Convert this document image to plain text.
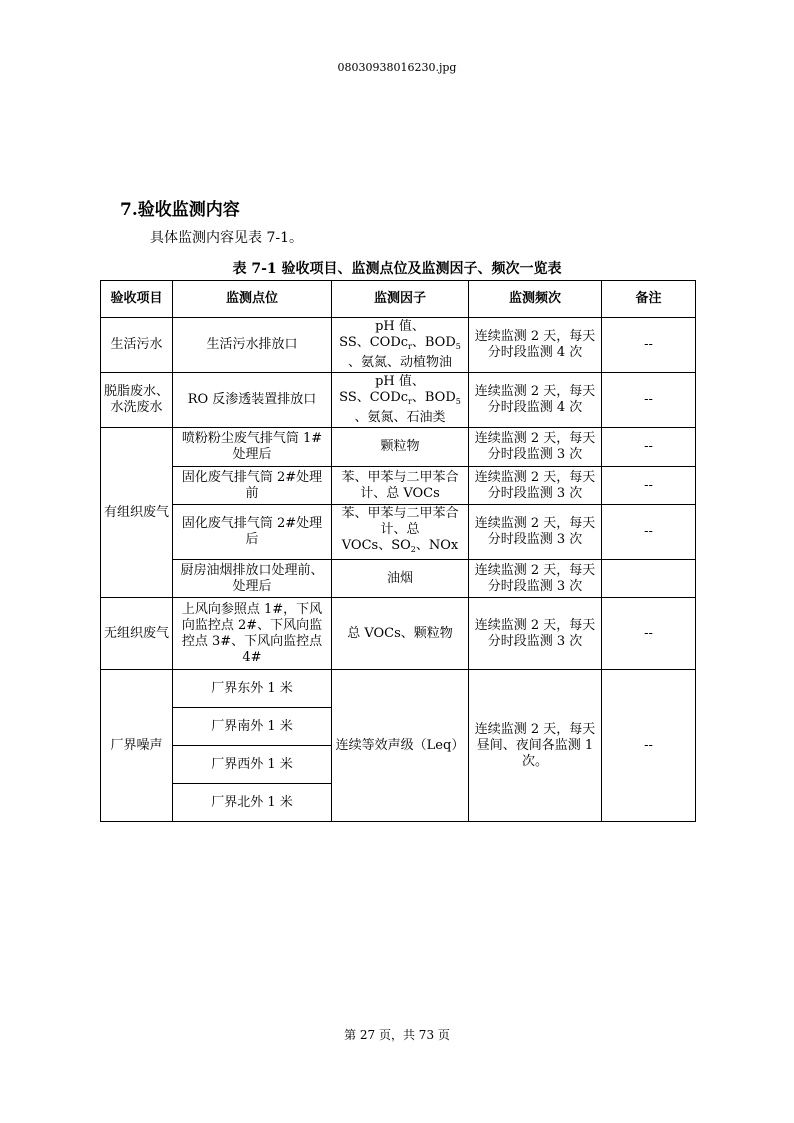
08030938016230.jpg
7.验收监测内容
具体监测内容见表 7-1。
表 7-1 验收项目、监测点位及监测因子、频次一览表
验收项目	监测点位	监测因子	监测频次	备注
生活污水	生活污水排放口	pH 值、
SS、CODc$_r$、$BOD_5$
、氨氮、动植物油	连续监测 2 天，每天分时段监测 4 次	--
脱脂废水、水洗废水	RO 反渗透装置排放口	pH 值、
SS、CODc$_r$、$BOD_5$
、氨氮、石油类	连续监测 2 天，每天分时段监测 4 次	--
有组织废气	喷粉粉尘废气排气筒 1#处理后	颗粒物	连续监测 2 天，每天分时段监测 3 次	--
	固化废气排气筒 2#处理前	苯、甲苯与二甲苯合计、总 VOCs	连续监测 2 天，每天分时段监测 3 次	--
	固化废气排气筒 2#处理后	苯、甲苯与二甲苯合计、总
VOCs、$SO_2$、NOx	连续监测 2 天，每天分时段监测 3 次	--
	厨房油烟排放口处理前、处理后	油烟	连续监测 2 天，每天分时段监测 3 次	
无组织废气	上风向参照点 1#，下风向监控点 2#、下风向监控点 3#、下风向监控点 4#	总 VOCs、颗粒物	连续监测 2 天，每天分时段监测 3 次	--
厂界噪声	厂界东外 1 米	连续等效声级（Leq）	连续监测 2 天，每天昼间、夜间各监测 1 次。	--
	厂界南外 1 米			
	厂界西外 1 米			
	厂界北外 1 米			
第 27 页，共 73 页
